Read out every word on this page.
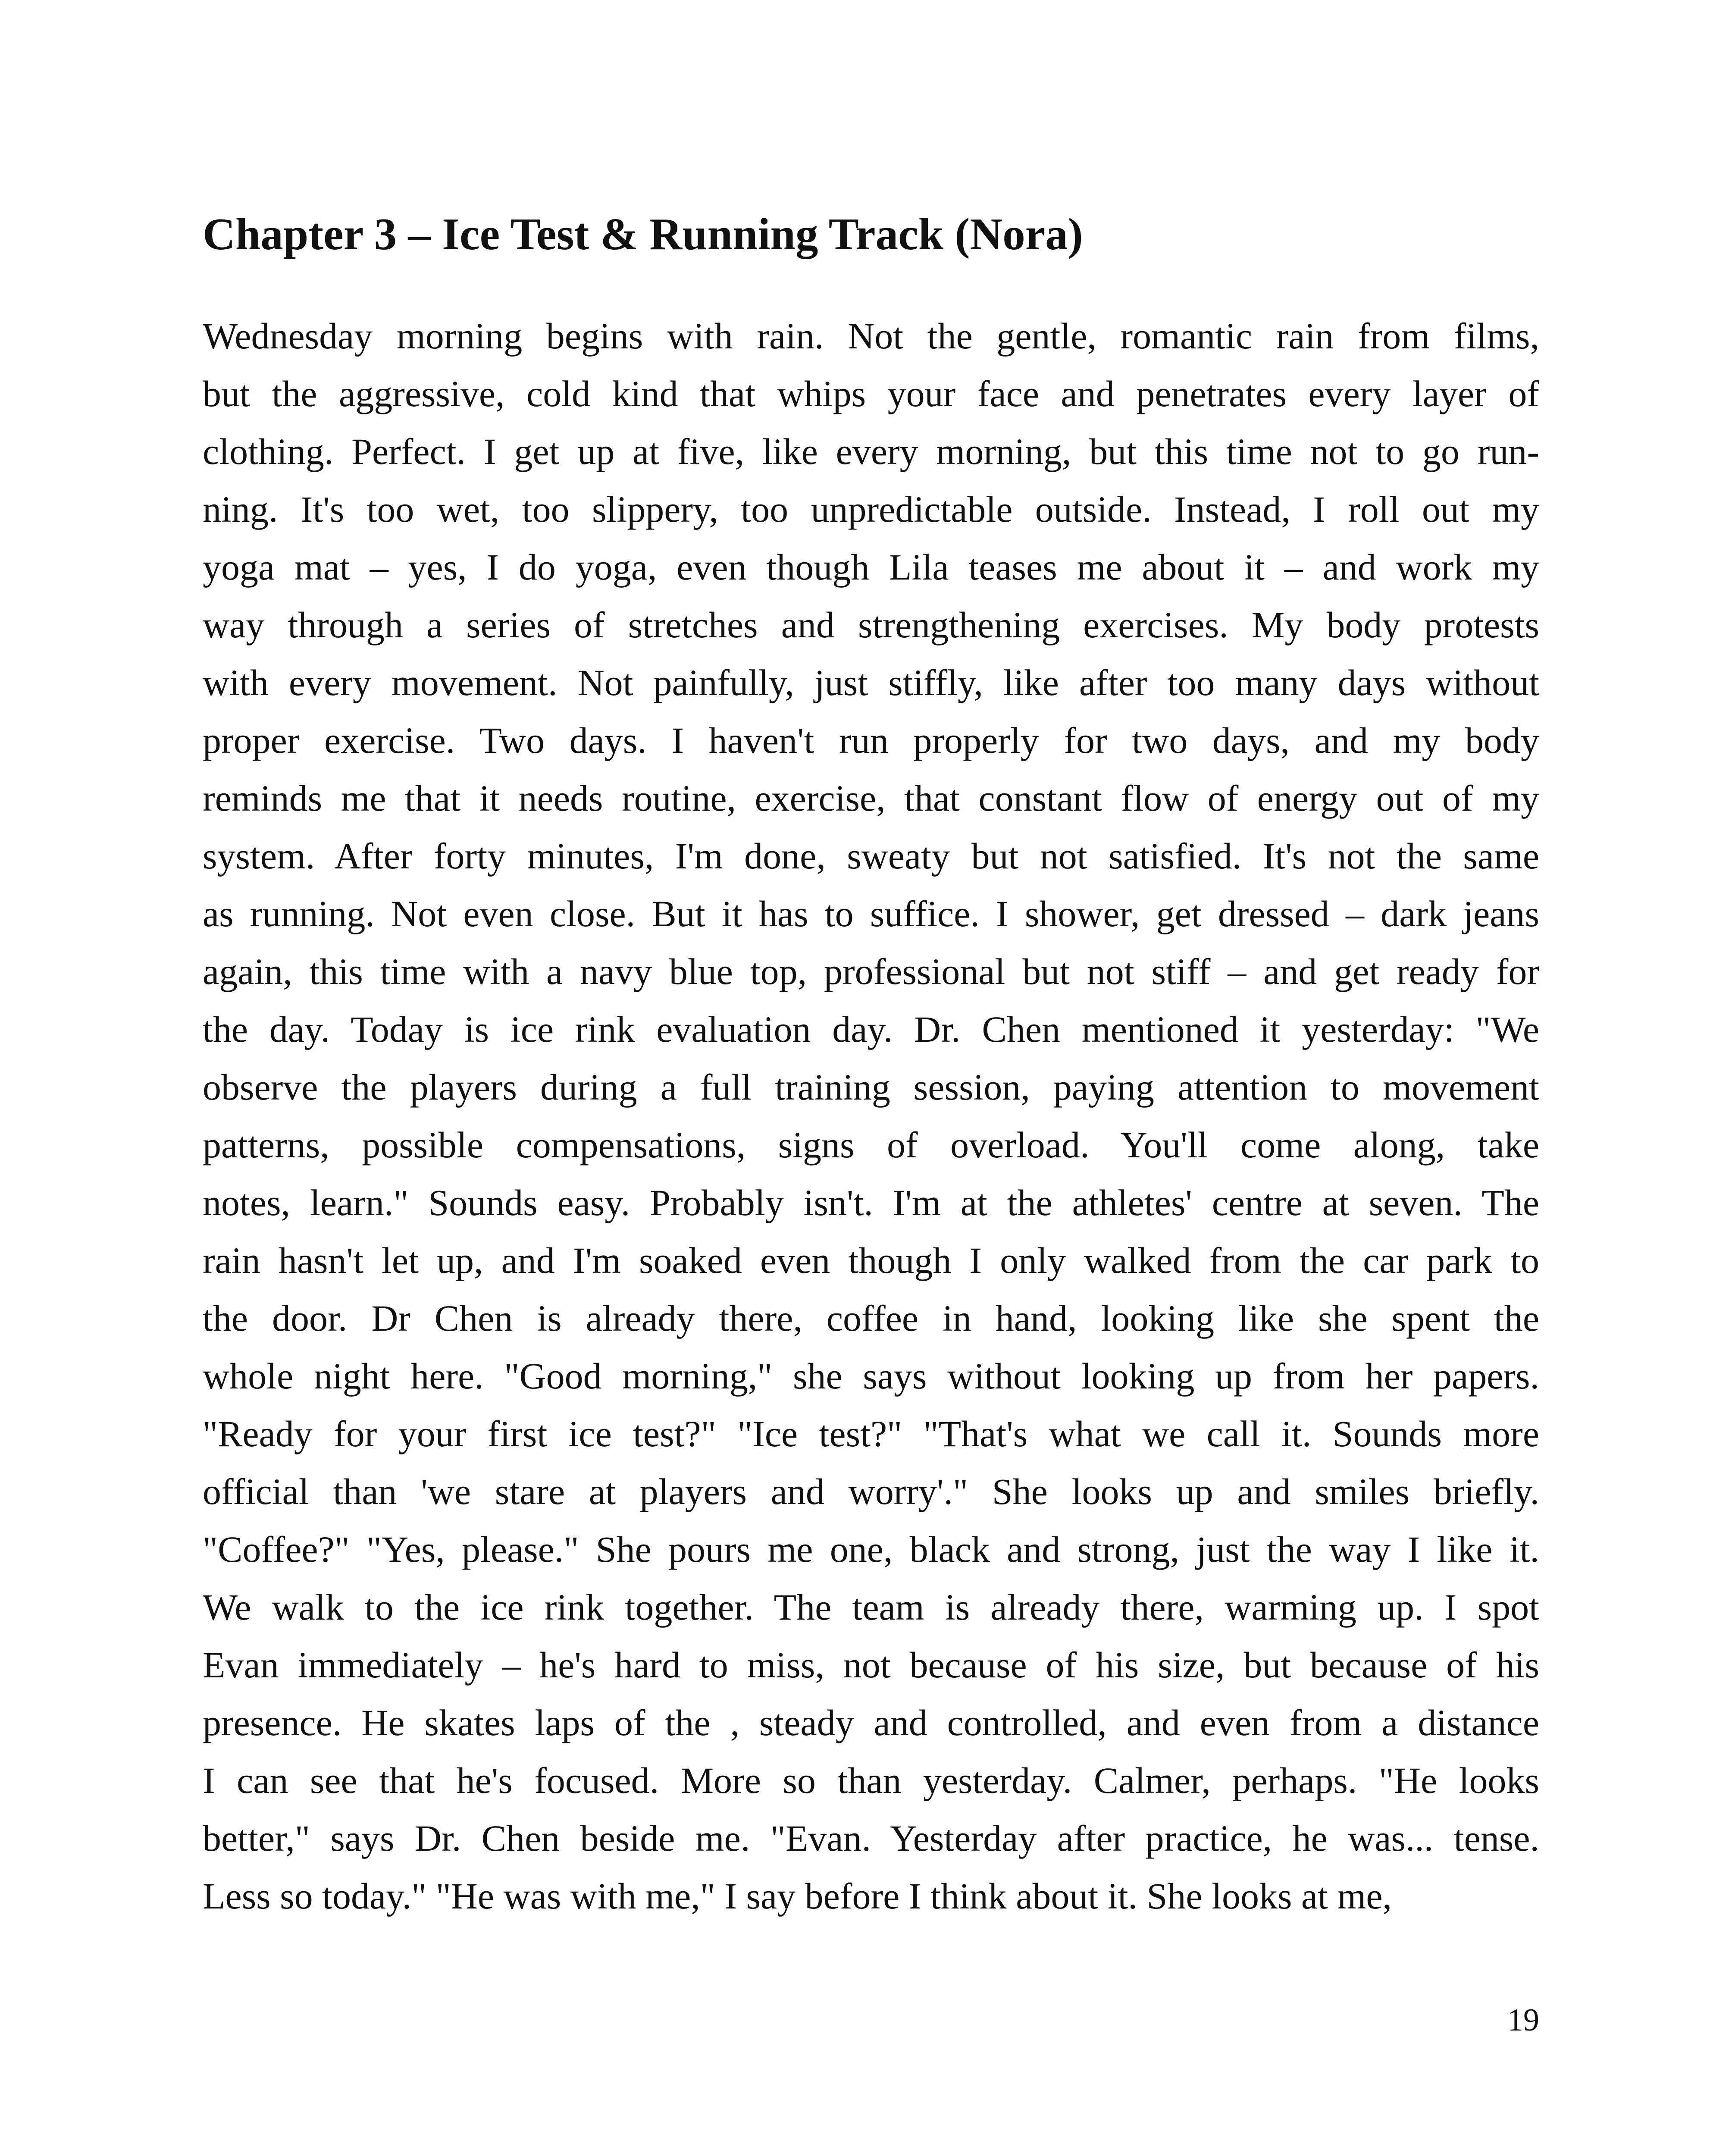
Chapter 3 – Ice Test & Running Track (Nora)
Wednesday morning begins with rain. Not the gentle, romantic rain from films,
but the aggressive, cold kind that whips your face and penetrates every layer of
clothing. Perfect. I get up at five, like every morning, but this time not to go run-
ning. It's too wet, too slippery, too unpredictable outside. Instead, I roll out my
yoga mat – yes, I do yoga, even though Lila teases me about it – and work my
way through a series of stretches and strengthening exercises. My body protests
with every movement. Not painfully, just stiffly, like after too many days without
proper exercise. Two days. I haven't run properly for two days, and my body
reminds me that it needs routine, exercise, that constant flow of energy out of my
system. After forty minutes, I'm done, sweaty but not satisfied. It's not the same
as running. Not even close. But it has to suffice. I shower, get dressed – dark jeans
again, this time with a navy blue top, professional but not stiff – and get ready for
the day. Today is ice rink evaluation day. Dr. Chen mentioned it yesterday: "We
observe the players during a full training session, paying attention to movement
patterns, possible compensations, signs of overload. You'll come along, take
notes, learn." Sounds easy. Probably isn't. I'm at the athletes' centre at seven. The
rain hasn't let up, and I'm soaked even though I only walked from the car park to
the door. Dr Chen is already there, coffee in hand, looking like she spent the
whole night here. "Good morning," she says without looking up from her papers.
"Ready for your first ice test?" "Ice test?" "That's what we call it. Sounds more
official than 'we stare at players and worry'." She looks up and smiles briefly.
"Coffee?" "Yes, please." She pours me one, black and strong, just the way I like it.
We walk to the ice rink together. The team is already there, warming up. I spot
Evan immediately – he's hard to miss, not because of his size, but because of his
presence. He skates laps of the , steady and controlled, and even from a distance
I can see that he's focused. More so than yesterday. Calmer, perhaps. "He looks
better," says Dr. Chen beside me. "Evan. Yesterday after practice, he was... tense.
Less so today." "He was with me," I say before I think about it. She looks at me,
19
